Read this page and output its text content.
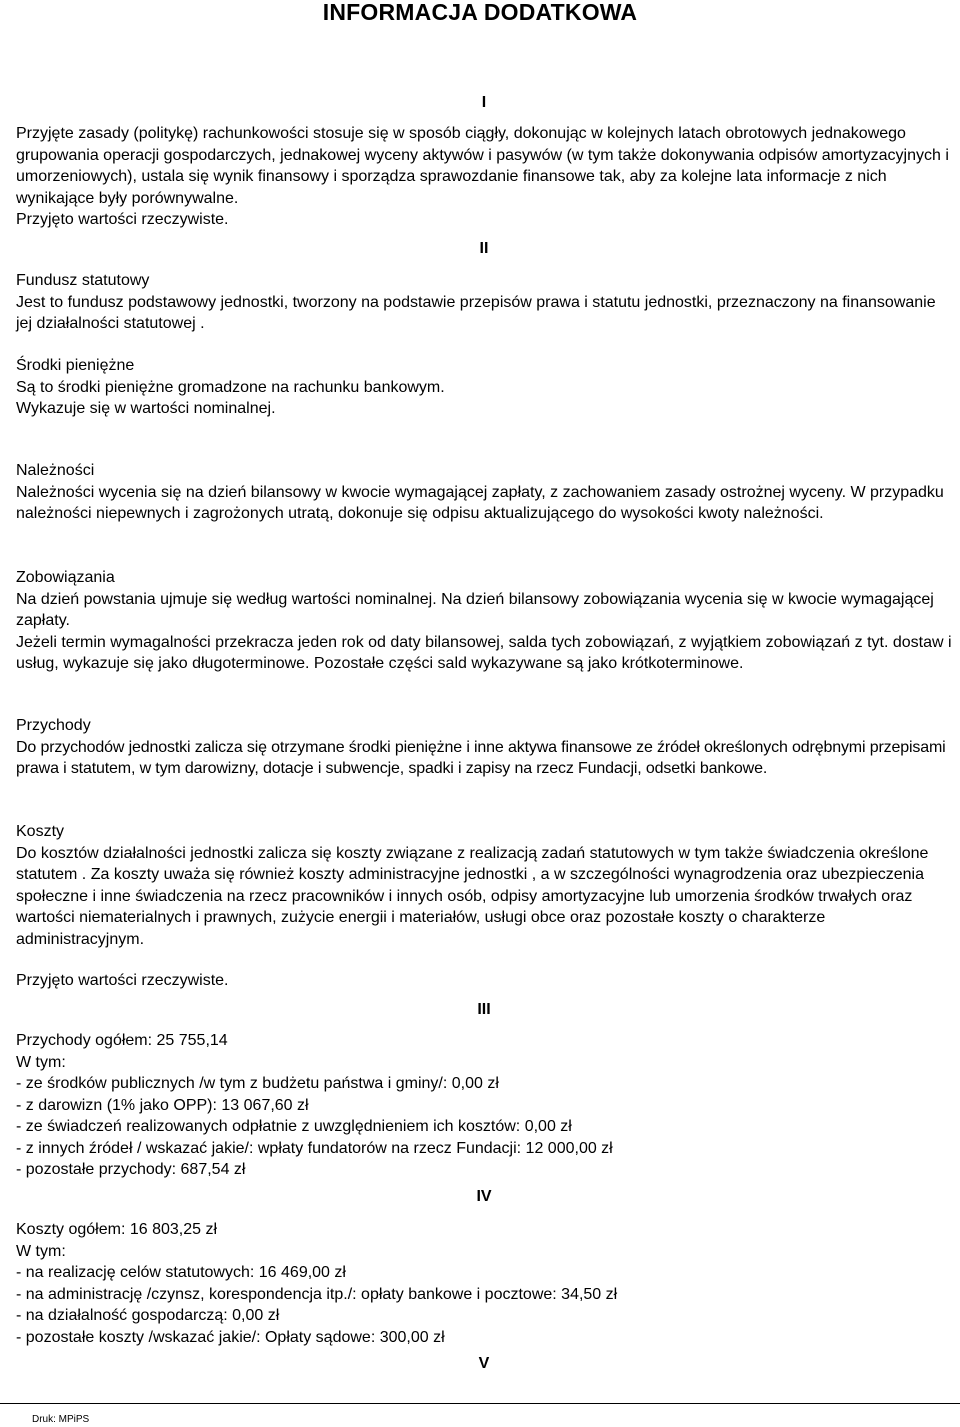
INFORMACJA DODATKOWA
I

Przyjęte zasady (politykę) rachunkowości stosuje się w sposób ciągły, dokonując w kolejnych latach obrotowych jednakowego grupowania operacji gospodarczych, jednakowej wyceny aktywów i pasywów (w tym także dokonywania odpisów amortyzacyjnych i umorzeniowych), ustala się wynik finansowy i sporządza sprawozdanie finansowe tak, aby za kolejne lata informacje z nich wynikające były porównywalne.

Przyjęto wartości rzeczywiste.

II

Fundusz statutowy

Jest to fundusz podstawowy jednostki, tworzony na podstawie przepisów prawa i statutu jednostki, przeznaczony na finansowanie jej działalności statutowej .

Środki pieniężne

Są to środki pieniężne gromadzone na rachunku bankowym.

Wykazuje się w wartości nominalnej.

Należności

Należności wycenia się na dzień bilansowy w kwocie wymagającej zapłaty, z zachowaniem zasady ostrożnej wyceny. W przypadku należności niepewnych i zagrożonych utratą, dokonuje się odpisu aktualizującego do wysokości kwoty należności.

Zobowiązania

Na dzień powstania ujmuje się według wartości nominalnej. Na dzień bilansowy zobowiązania wycenia się w kwocie wymagającej zapłaty.

Jeżeli termin wymagalności przekracza jeden rok od daty bilansowej, salda tych zobowiązań, z wyjątkiem zobowiązań z tyt. dostaw i usług, wykazuje się jako długoterminowe. Pozostałe części sald wykazywane są jako krótkoterminowe.

Przychody

Do przychodów jednostki zalicza się otrzymane środki pieniężne i inne aktywa finansowe ze źródeł określonych odrębnymi przepisami prawa i statutem, w tym darowizny, dotacje i subwencje, spadki i zapisy na rzecz Fundacji, odsetki bankowe.

Koszty

Do kosztów działalności jednostki zalicza się koszty związane z realizacją zadań statutowych w tym także świadczenia określone statutem . Za koszty uważa się również koszty administracyjne jednostki , a w szczególności wynagrodzenia oraz ubezpieczenia społeczne i inne świadczenia na rzecz pracowników i innych osób, odpisy amortyzacyjne lub umorzenia środków trwałych oraz wartości niematerialnych i prawnych, zużycie energii i materiałów, usługi obce oraz pozostałe koszty o charakterze administracyjnym.

Przyjęto wartości rzeczywiste.

III

Przychody ogółem: 25 755,14

W tym:

- ze środków publicznych /w tym z budżetu państwa i gminy/: 0,00 zł
- z darowizn (1% jako OPP): 13 067,60 zł
- ze świadczeń realizowanych odpłatnie z uwzględnieniem ich kosztów: 0,00 zł
- z innych źródeł / wskazać jakie/: wpłaty fundatorów na rzecz Fundacji: 12 000,00 zł
- pozostałe przychody: 687,54 zł
IV

Koszty ogółem: 16 803,25 zł

W tym:

- na realizację celów statutowych: 16 469,00 zł
- na administrację /czynsz, korespondencja itp./: opłaty bankowe i pocztowe: 34,50 zł
- na działalność gospodarczą: 0,00 zł
- pozostałe koszty /wskazać jakie/: Opłaty sądowe: 300,00 zł
V
Druk: MPiPS
